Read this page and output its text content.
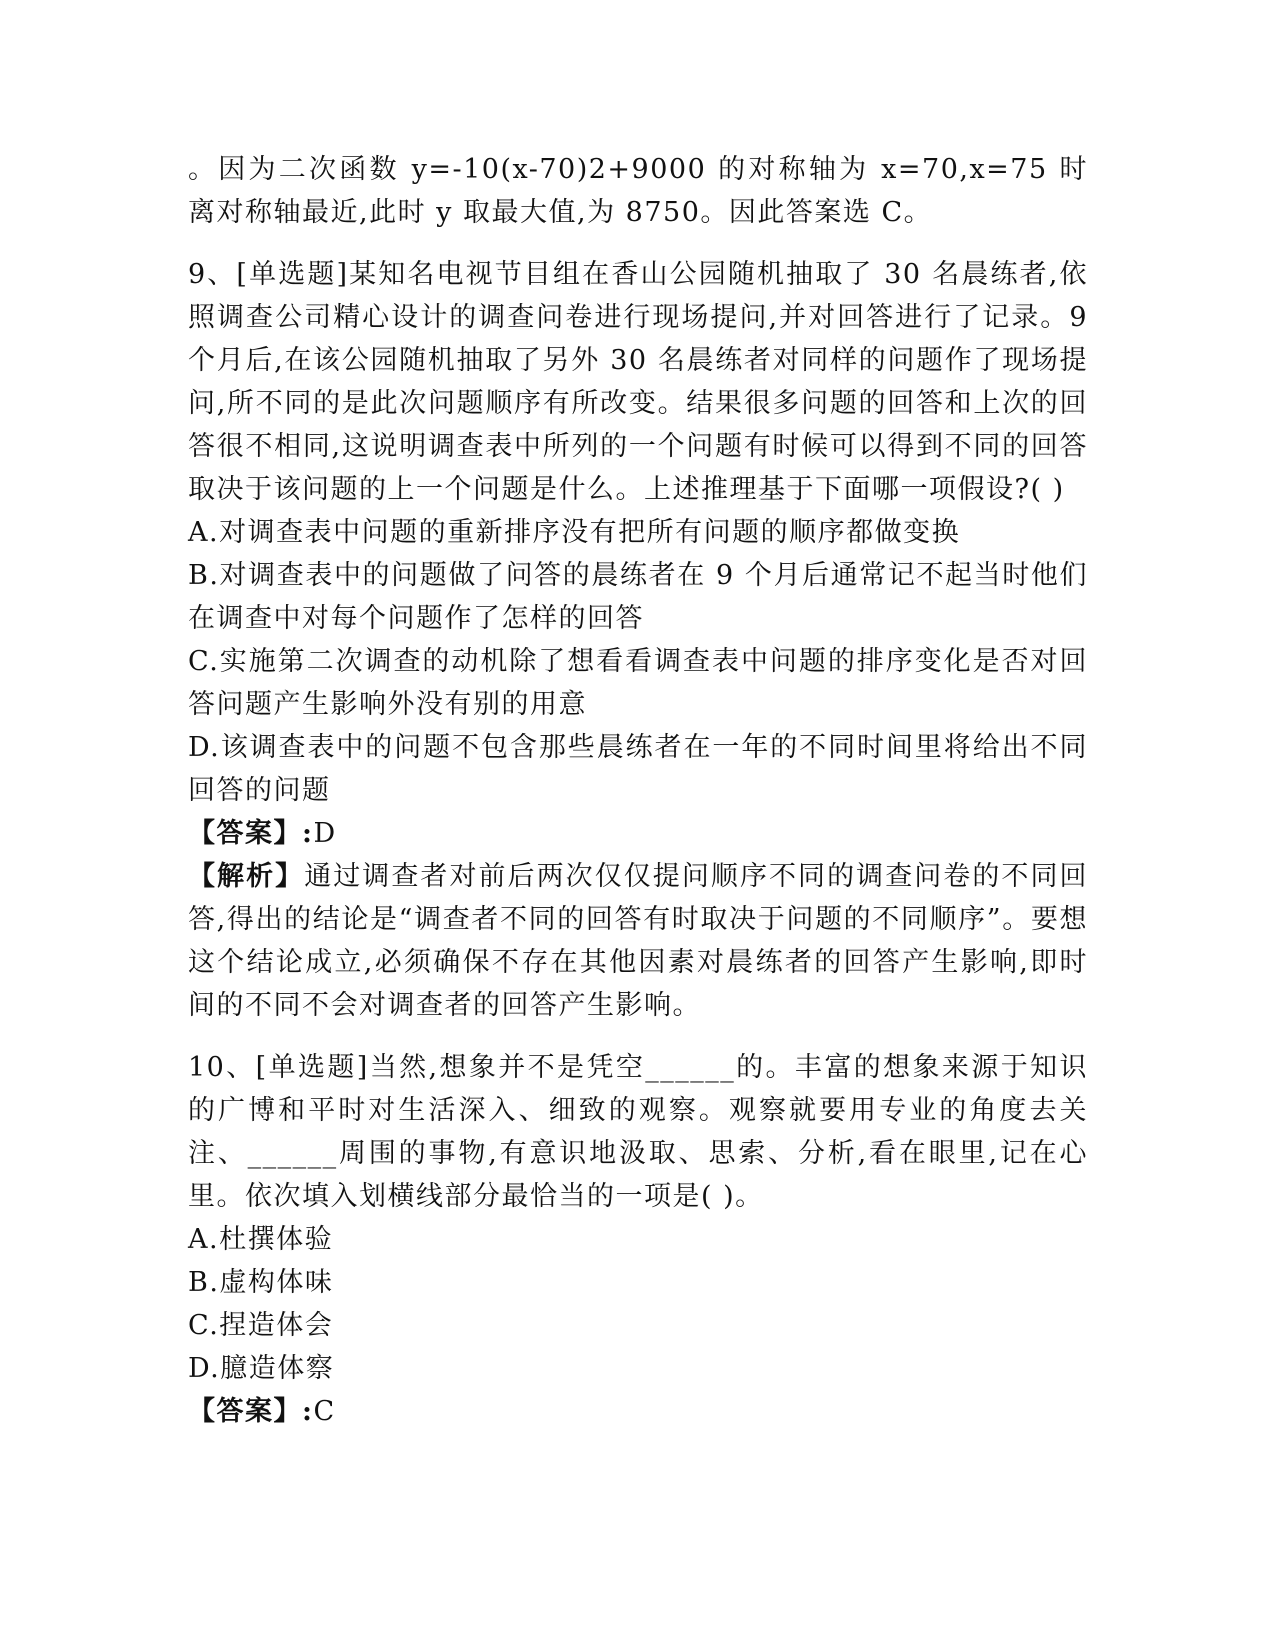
。因为二次函数 y=-10(x-70)2+9000 的对称轴为 x=70,x=75 时离对称轴最近,此时 y 取最大值,为 8750。因此答案选 C。

9、[单选题]某知名电视节目组在香山公园随机抽取了 30 名晨练者,依照调查公司精心设计的调查问卷进行现场提问,并对回答进行了记录。9 个月后,在该公园随机抽取了另外 30 名晨练者对同样的问题作了现场提问,所不同的是此次问题顺序有所改变。结果很多问题的回答和上次的回答很不相同,这说明调查表中所列的一个问题有时候可以得到不同的回答取决于该问题的上一个问题是什么。上述推理基于下面哪一项假设?( )

A.对调查表中问题的重新排序没有把所有问题的顺序都做变换

B.对调查表中的问题做了问答的晨练者在 9 个月后通常记不起当时他们在调查中对每个问题作了怎样的回答

C.实施第二次调查的动机除了想看看调查表中问题的排序变化是否对回答问题产生影响外没有别的用意

D.该调查表中的问题不包含那些晨练者在一年的不同时间里将给出不同回答的问题

【答案】:D

【解析】通过调查者对前后两次仅仅提问顺序不同的调查问卷的不同回答,得出的结论是“调查者不同的回答有时取决于问题的不同顺序”。要想这个结论成立,必须确保不存在其他因素对晨练者的回答产生影响,即时间的不同不会对调查者的回答产生影响。

10、[单选题]当然,想象并不是凭空______的。丰富的想象来源于知识的广博和平时对生活深入、细致的观察。观察就要用专业的角度去关注、______周围的事物,有意识地汲取、思索、分析,看在眼里,记在心里。依次填入划横线部分最恰当的一项是( )。

A.杜撰体验

B.虚构体味

C.捏造体会

D.臆造体察

【答案】:C
